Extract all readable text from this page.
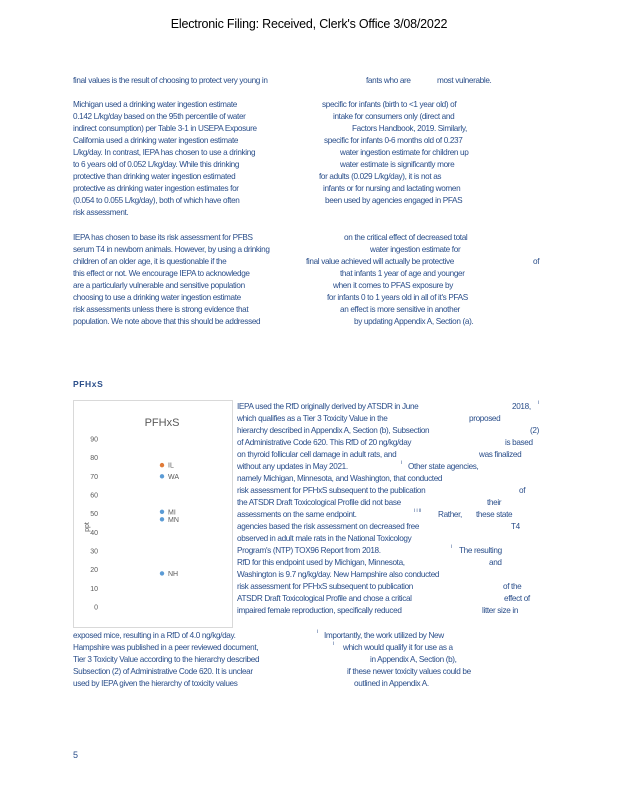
Electronic Filing: Received, Clerk's Office 3/08/2022
final values is the result of choosing to protect very young in	fants who are	most vulnerable.
Michigan used a drinking water ingestion estimate	specific for infants (birth to <1 year old) of
0.142 L/kg/day based on the 95th percentile of water	intake for consumers only (direct and
indirect consumption) per Table 3-1 in USEPA Exposure	Factors Handbook, 2019. Similarly,
California used a drinking water ingestion estimate	specific for infants 0-6 months old of 0.237
L/kg/day. In contrast, IEPA has chosen to use a drinking	water ingestion estimate for children up
to 6 years old of 0.052 L/kg/day. While this drinking	water estimate is significantly more
protective than drinking water ingestion estimated	for adults (0.029 L/kg/day), it is not as
protective as drinking water ingestion estimates for	infants or for nursing and lactating women
(0.054 to 0.055 L/kg/day), both of which have often	been used by agencies engaged in PFAS
risk assessment.
IEPA has chosen to base its risk assessment for PFBS	on the critical effect of decreased total
serum T4 in newborn animals. However, by using a drinking	water ingestion estimate for
children of an older age, it is questionable if the	final value achieved will actually be protective	of
this effect or not. We encourage IEPA to acknowledge	that infants 1 year of age and younger
are a particularly vulnerable and sensitive population	when it comes to PFAS exposure by
choosing to use a drinking water ingestion estimate	for infants 0 to 1 years old in all of it's PFAS
risk assessments unless there is strong evidence that	an effect is more sensitive in another
population. We note above that this should be addressed	by updating Appendix A, Section (a).
IEPA used the RfD originally derived by ATSDR in June	2018,
which qualifies as a Tier 3 Toxicity Value in the	proposed
hierarchy described in Appendix A, Section (b), Subsection	(2)
of Administrative Code 620. This RfD of 20 ng/kg/day	is based
on thyroid follicular cell damage in adult rats, and	was finalized
without any updates in May 2021.	Other state agencies,
namely Michigan, Minnesota, and Washington, that conducted
risk assessment for PFHxS subsequent to the publication	of
the ATSDR Draft Toxicological Profile did not base	their
assessments on the same endpoint.	Rather, these state
agencies based the risk assessment on decreased free	T4
observed in adult male rats in the National Toxicology
Program's (NTP) TOX96 Report from 2018.	The resulting
RfD for this endpoint used by Michigan, Minnesota,	and
Washington is 9.7 ng/kg/day. New Hampshire also conducted
risk assessment for PFHxS subsequent to publication	of the
ATSDR Draft Toxicological Profile and chose a critical	effect of
impaired female reproduction, specifically reduced	litter size in
exposed mice, resulting in a RfD of 4.0 ng/kg/day.	Importantly, the work utilized by New
Hampshire was published in a peer reviewed document,	which would qualify it for use as a
Tier 3 Toxicity Value according to the hierarchy described	in Appendix A, Section (b),
Subsection (2) of Administrative Code 620. It is unclear	if these newer toxicity values could be
used by IEPA given the hierarchy of toxicity values	outlined in Appendix A.
i
i
i i ii
i
i
i
PFHxS
PFHxS
ppt
0
10
20
30
40
50
60
70
80
90
IL
WA
MI
MN
NH
5
